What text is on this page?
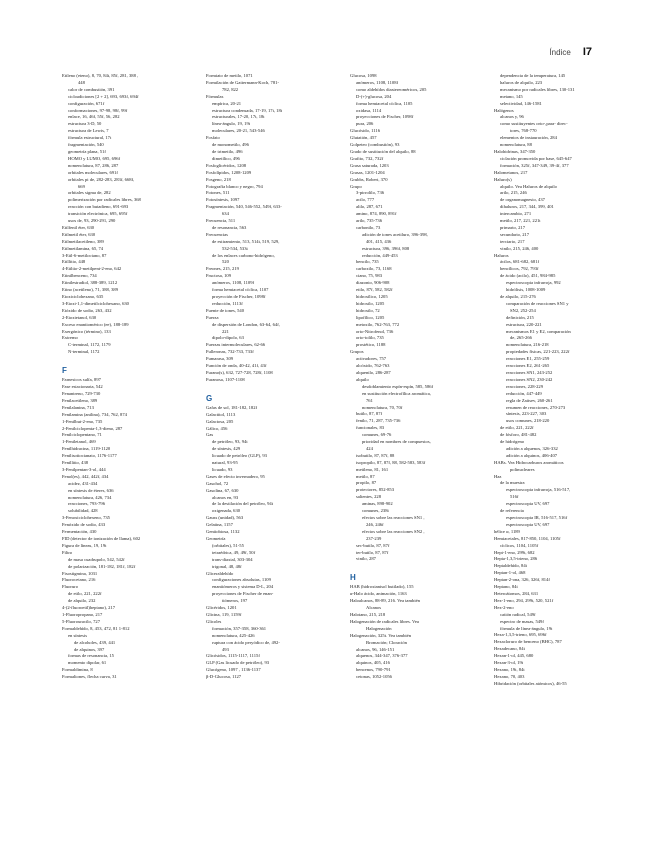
Índice I7
Etileno (eteno), 8, 70, 84t, 85f, 281, 388 ,
448
calor de combustión, 391
cicloadiciones [2 + 2], 693, 693f, 694f
configuración, 671f
conformaciones, 97-98, 98f, 99f
enlace, 16, 46f, 55f, 56, 282
estructura 3-D, 50
estructura de Lewis, 7
fórmula estructural, 17t
fragmentación, 540
geometría plana, 51f
HOMO y LUMO, 695, 696f
nomenclatura, 87, 286, 287
orbitales moleculares, 691f
orbitales pi de, 282-283, 283f, 668f,
669
orbitales sigma de, 282
polimerización por radicales libres, 368
reacción con butadieno, 691-693
transición electrónica, 695, 695f
usos de, 93, 290-291, 290
Etilfenil éter, 630
Etilmetil éter, 630
Etilmetilacetileno, 389
Etilmetilamina, 65, 74
3-Etil-6-metiloctano, 87
Etillitio, 448
4-Etiltio-2-metilpent-2-eno, 642
Etinilbenceno, 734
Etinilestradiol, 388-389, 1212
Etino (acetileno), 71, 388, 389
Etoxiciclohexano, 635
3-Etoxi-1,1-dimetilciclohexano, 630
Etóxido de sodio, 263, 432
2-Etoxietanol, 630
Exceso enantiomérico (ee), 188-189
Exergónico (término), 133
Extremo
C-terminal, 1172, 1179
N-terminal, 1172
F
Farnesicos sulfa, 897
Fase estacionaria, 542
Fenantreno, 729-730
Fenilacetileno, 389
Fenilalanina, 713
Fenilamina (anilina), 734, 762, 874
1-Fenilbut-2-eno, 735
2-Fenilciclopenta-1,3-dieno, 287
Fenilciclopentano, 71
1-Feniletanol, 469
Fenilhidracina, 1119-1120
Fenilisotiocianato, 1176-1177
Fenillitio, 438
3-Fenilpentan-3-ol, 444
Fenol(es), 442, 442f, 434
acidez, 431-434
en síntesis de éteres, 636
nomenclatura, 426, 734
reacciones, 793-796
solubilidad, 428
3-Fenoxiciclohexeno, 735
Fenóxido de sodio, 433
Fermentación, 430
FID (detector de ionización de llama), 602
Figura de líneas, 19, 19t
Filtro
de masa cuadrupolo, 542, 542f
de polarización, 181-182, 181f, 182f
Fisostigmina, 1031
Fluorocetano, 216
Fluoruro
de etilo, 221, 222f
de alquilo, 232
4-(2-fluoroetil)heptano), 217
1-Fluoropropano, 217
5-Fluorouracilo, 727
Formaldehído, 8, 453, 472, 81 1-812
en síntesis
de alcoholes, 439, 441
de alquinos, 397
formas de resonancia, 15
momento dipolar, 61
Formaldimina, 8
Formaliones, flecha curva, 31
Formiato de metilo, 1071
Formilación de Gattermann-Koch, 781-
782, 822
Fórmulas
empírica, 20-21
estructura condensada, 17-19, 17t, 18t
estructurales, 17-20, 17t, 18t
línea-ángulo, 19, 19t
moleculares, 20-21, 543-546
Fosfato
de monometilo, 496
de trimetilo, 496
dimetílico, 496
Fosfoglicéridos, 1208
Fosfolípidos, 1208-1209
Fosgeno, 218
Fotografía blanco y negro, 794
Fotones, 511
Fotosíntesis, 1097
Fragmentación, 540, 546-552, 549f, 633-
634
Frecuencia, 511
de resonancia, 563
Frecuencias
de estiramiento, 513, 514t, 519, 529,
532-534, 533t
de los enlaces carbono-hidrógeno,
520
Freones, 215, 219
Fructosa, 109
anómeros, 1108, 1109f
forma hemiacetal cíclica, 1107
proyección de Fischer, 1098f
reducción, 1113f
Fuente de iones, 540
Fuerza
de dispersión de London, 63-64, 64f,
221
dipolo-dipolo, 63
Fuerzas intermoleculares, 62-66
Fulleronas, 732-733, 733f
Fumarasa, 309
Función de onda, 40-42, 41f, 43f
Furano(s), 632, 727-728, 728f, 1108
Furanosa, 1107-1108
G
Gafas de sol, 181-182, 182f
Galactitol, 1113
Galactosa, 205
Gálico, 456
Gas
de petróleo, 93, 94t
de síntesis, 429
licuado de petróleo (GLP), 93
natural, 93-95
licuado, 93
Gases de efecto invernadero, 95
Gasohol, 72
Gasolina, 67, 630
alcanos en, 93
de la destilación del petróleo, 94t
oxigenada, 630
Gauss (unidad), 563
Gelatina, 1157
Gentiobiosa, 1132
Geometría
(orbitales), 51-55
tetraédrica, 49, 49f, 50f
trans-diaxial, 303-304
trigonal, 48, 48f
Gliceraldehído
configuraciones absolutas, 1109
enantiómeros y sistema D-L, 204
proyecciones de Fischer de enan-
tiómeros, 197
Glicéridos, 1201
Glicina, 119, 1159f
Glicoles
formación, 357-358, 360-361
nomenclatura, 425-426
ruptura con ácido peryódico de, 492-
493
Glicósidos, 1115-1117, 1115f
GLP (Gas licuado de petróleo), 93
Glucógeno, 1097 , 1136-1137
β-D-Glucosa, 1127
Glucosa, 1098
anómeros, 1108, 1108f
como aldehídos diastereoméricos, 205
D-(+)-glucosa, 204
forma hemiacetal cíclica, 1105
oxidasa, 1114
proyecciones de Fischer, 1098f
pura, 206
Glucósido, 1116
Glutatión, 457
Golpeteo (combustión), 93
Grado de sustitución del alquilo, 88
Grafito, 732, 732f
Grasa saturada, 1203
Grasas, 1201-1204
Grubbs, Robert, 370
Grupo
3-pirrolilo, 736
acilo, 777
alilo, 287, 671
amino, 874, 890, 891f
arilo, 735-736
carbonilo, 73
adición de iones acetiluro, 396-398,
401, 415, 436
estructura, 396, 396f, 808
reducción, 449-453
bencilo, 735
carboxilo, 73, 1168
ciano, 75, 983
diazonio, 906-908
etilo, 87f, 582, 582f
hidroxílico, 1205
hidroxilo, 1205
hidroxilo, 72
lipofílico, 1205
metoxilo, 762-763, 772
orto-Nitrofenol, 736
orto-tolilo, 735
prostético, 1188
Grupos
activadores, 757
alcóxido, 762-763
alquenilo, 286-287
alquilo
desdoblamiento espín-espín, 585, 586f
en sustitución electrofílica aromática,
761
nomenclatura, 70, 70f
butilo, 87, 87f
fenilo, 71, 287, 735-736
funcionales, 83
comunes, 69-76
prioridad en nombres de compuestos,
424
isobutilo, 87, 87f, 88
isopropilo, 87, 87f, 88, 582-583, 583f
metileno, 81, 161
metilo, 87
propilo, 87
protectores, 852-853
salientes, 228
aminas, 898-902
comunes, 238t
efectos sobre las reacciones SN1 ,
246, 246f
efectos sobre las reacciones SN2 ,
237-239
sec-butilo, 87, 87f
ter-butilo, 87, 87f
vinilo, 287
H
HAB (hidroxianisol butilado), 155
α-Halo ácido, animación, 1163
Haloalcanos, 88-89, 216. Vea también
Alcanos
Halotano, 215, 218
Halogenación de radicales libres. Vea
Halogenación
Halogenación, 325t. Vea también
Bromación; Cloración
alcanos, 96, 146-151
alquenos, 344-347, 376-377
alquinos, 405, 416
bencenos, 790-791
cetonas, 1052-1056
dependencia de la temperatura, 145
haluros de alquilo, 223
mecanismo por radicales libres, 130-131
metano, 145
selectividad, 146-1581
Halógenos
alcanos y, 96
como sustituyentes orto-,para- direc-
tores, 768-770
elementos de instauración, 284
nomenclatura, 88
Halohidrinas, 347-350
ciclación promovida por base, 645-647
formación, 325f, 347-349, 39-4f, 377
Halometanos, 217
Haluro(s)
alquilo. Vea Haluros de alquilo
arilo, 215, 246
de organomagnesio, 437
dihaluros, 217, 344, 399, 401
intercambio, 271
metilo, 217, 221, 221t
primario, 217
secundario, 217
terciario, 217
vinilo, 215, 246, 400
Haluros
ácilos, 681-682, 681f
bencílicos, 792, 793f
de ácido (acilo), 451, 984-985
espectroscopia infrarroja, 992
hidrólisis, 1008-1009
de alquilo, 215-276
comparación de reacciones SN1 y
SN2, 252-254
definición, 215
estructura, 220-221
mecanismos E1 y E2, comparación
de, 265-266
nomenclatura, 216-218
propiedades físicas, 221-223, 222f
reacciones E1, 255-259
reacciones E2, 261-265
reacciones SN1, 243-252
reacciones SN2, 230-242
reacciones, 228-229
reducción, 447-449
regla de Zaitsev, 260-261
resumen de reacciones, 270-273
síntesis, 223-227, 303
usos comunes, 218-220
de etilo, 221, 222f
de fósforo, 481-482
de hidrógeno
adición a alquenos, 326-332
adición a alquinos, 406-407
HABs. Vea Hidrocarburos aromáticos
polinucleares
Haz
de la muestra
espectroscopia infrarroja, 516-517,
516f
espectroscopia UV, 697
de referencia
espectroscopia IR, 516-517, 516f
espectroscopia UV, 697
hélice α, 1189
Hemiacetales, 817-850, 1104, 1105f
cíclicos, 1104, 1105f
Hept-1-eno, 299t, 682
Hepta-1,3,5-trieno, 286
Heptaldehído, 84t
Heptan-1-ol, 468
Heptan-2-ona, 326, 326f, 814f
Heptano, 84t
Heteroátomos, 284, 631
Hex-1-eno, 294, 299t, 520, 521f
Hex-2-eno
catión radical, 549f
espectro de masas, 549f
fórmula de línea-ángulo, 19t
Hexa-1,3,5-trieno, 695, 696f
Hexaclorurо de benceno (BHC), 787
Hexadecano, 84t
Hexan-1-ol, 445, 680
Hexan-3-ol, 19t
Hexano, 19t, 84t
Hexano, 70, 403
Hibridación (orbitales atómicos), 46-55
